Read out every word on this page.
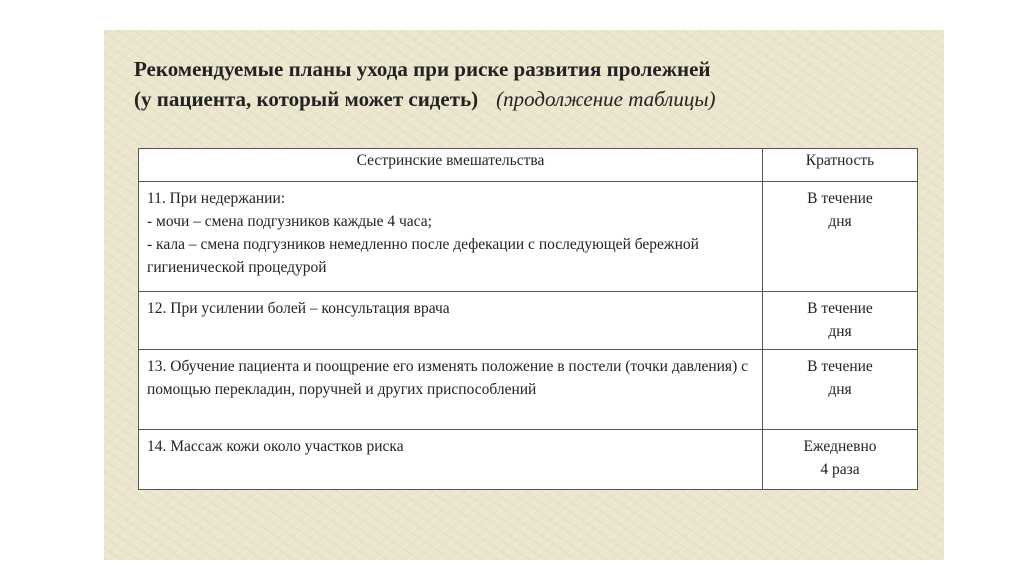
Рекомендуемые планы ухода при риске развития пролежней
(у пациента, который может сидеть) (продолжение таблицы)
Сестринские вмешательства	Кратность

11. При недержании:
- мочи – смена подгузников каждые 4 часа;
- кала – смена подгузников немедленно после дефекации с последующей бережной гигиенической процедурой	В течение
дня

12. При усилении болей – консультация врача	В течение
дня

13. Обучение пациента и поощрение его изменять положение в постели (точки давления) с помощью перекладин, поручней и других приспособлений	В течение
дня

14. Массаж кожи около участков риска	Ежедневно
4 раза
